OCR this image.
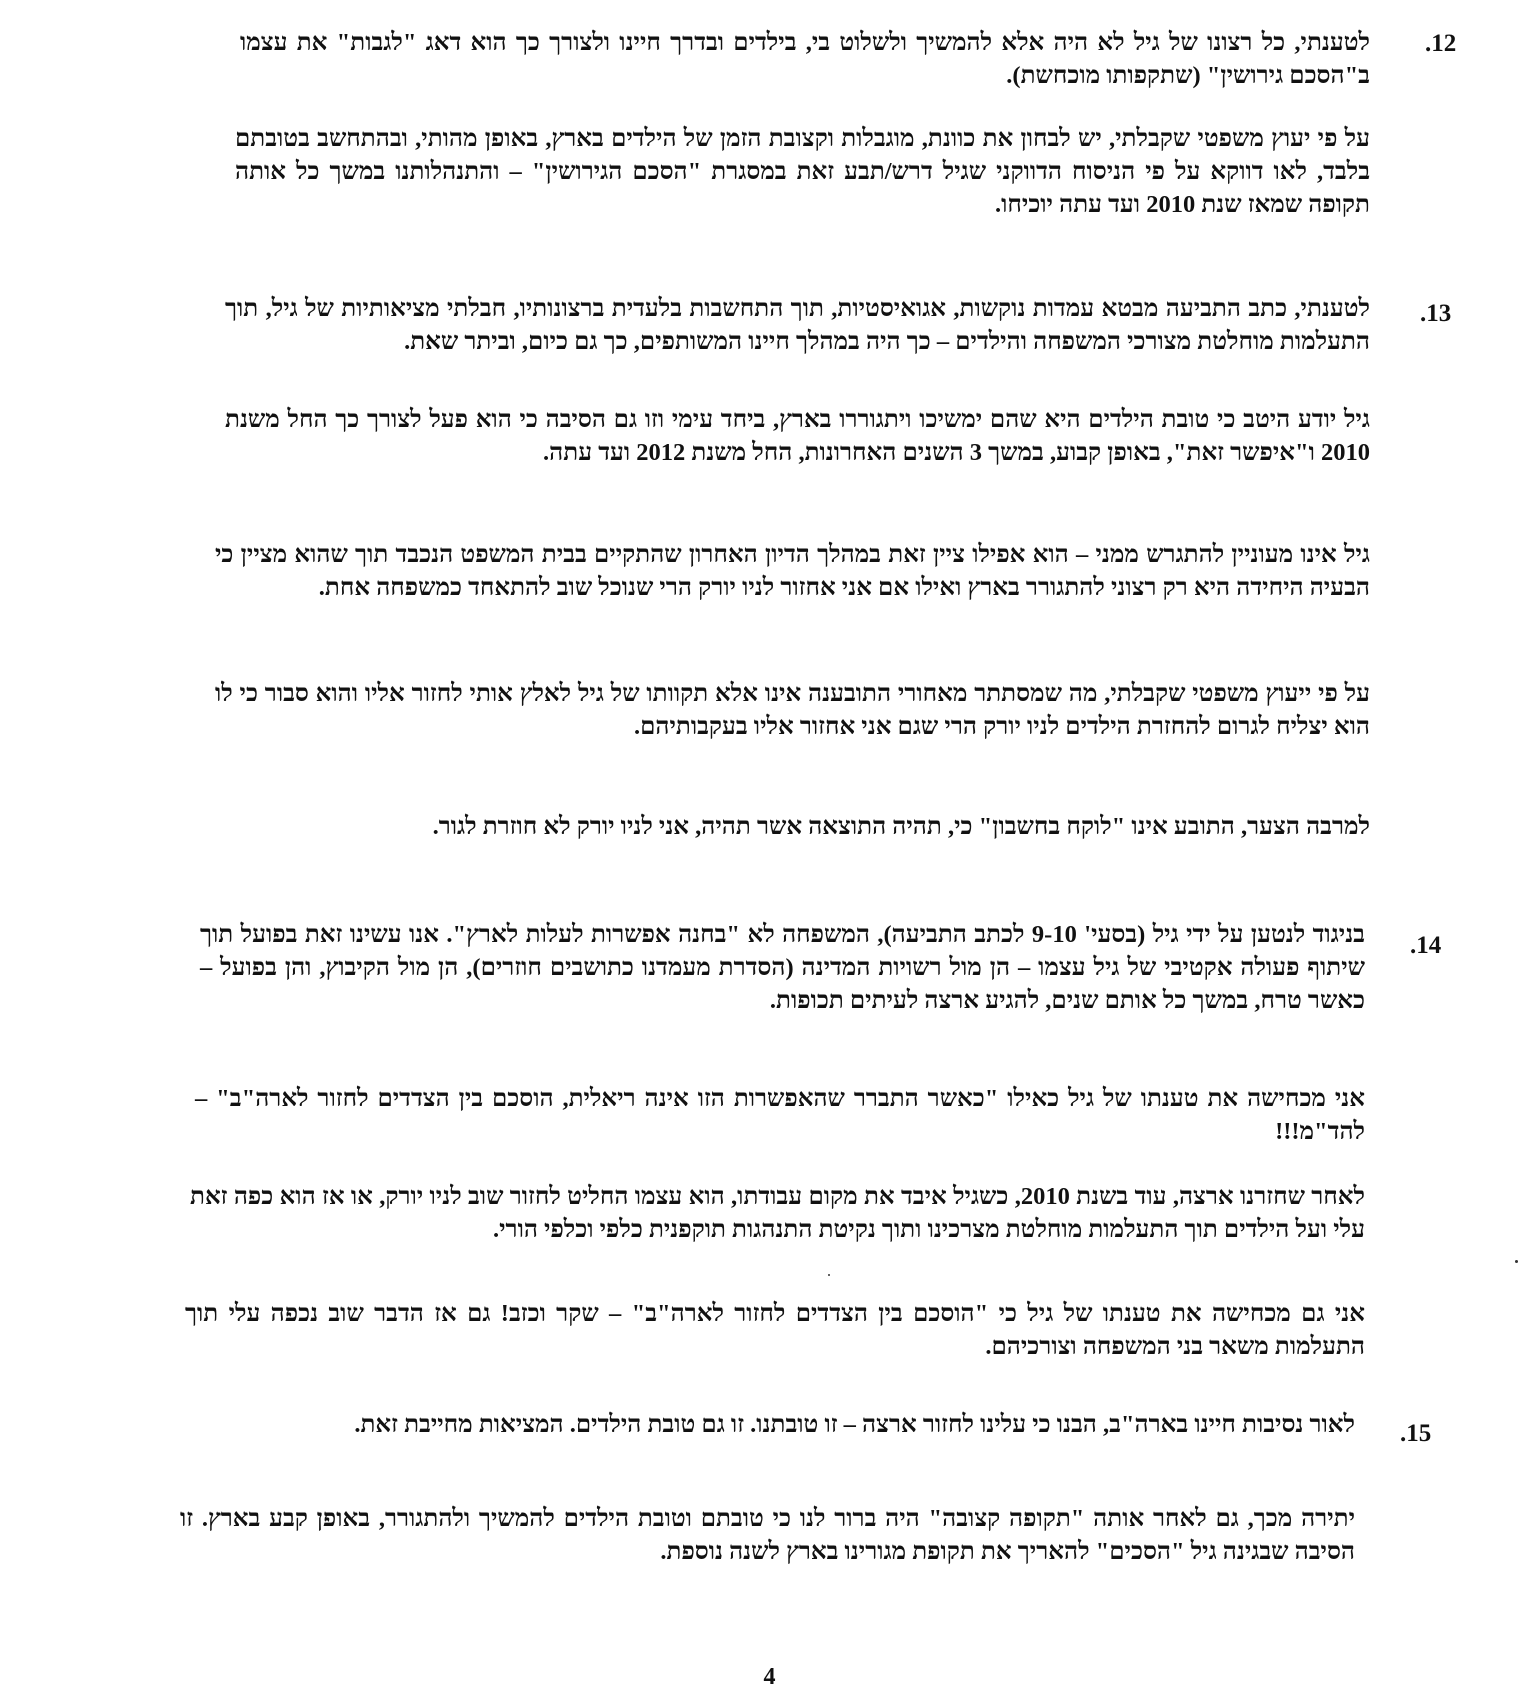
.12
לטענתי, כל רצונו של גיל לא היה אלא להמשיך ולשלוט בי, בילדים ובדרך חיינו ולצורך כך הוא דאג "לגבות" את עצמו ב"הסכם גירושין" (שתקפותו מוכחשת).
על פי יעוץ משפטי שקבלתי, יש לבחון את כוונת, מוגבלות וקצובת הזמן של הילדים בארץ, באופן מהותי, ובהתחשב בטובתם בלבד, לאו דווקא על פי הניסוח הדווקני שגיל דרש/תבע זאת במסגרת "הסכם הגירושין" – והתנהלותנו במשך כל אותה תקופה שמאז שנת 2010 ועד עתה יוכיחו.
.13
לטענתי, כתב התביעה מבטא עמדות נוקשות, אגואיסטיות, תוך התחשבות בלעדית ברצונותיו, חבלתי מציאותיות של גיל, תוך התעלמות מוחלטת מצורכי המשפחה והילדים – כך היה במהלך חיינו המשותפים, כך גם כיום, וביתר שאת.
גיל יודע היטב כי טובת הילדים היא שהם ימשיכו ויתגוררו בארץ, ביחד עימי וזו גם הסיבה כי הוא פעל לצורך כך החל משנת 2010 ו"איפשר זאת", באופן קבוע, במשך 3 השנים האחרונות, החל משנת 2012 ועד עתה.
גיל אינו מעוניין להתגרש ממני – הוא אפילו ציין זאת במהלך הדיון האחרון שהתקיים בבית המשפט הנכבד תוך שהוא מציין כי הבעיה היחידה היא רק רצוני להתגורר בארץ ואילו אם אני אחזור לניו יורק הרי שנוכל שוב להתאחד כמשפחה אחת.
על פי ייעוץ משפטי שקבלתי, מה שמסתתר מאחורי התובענה אינו אלא תקוותו של גיל לאלץ אותי לחזור אליו והוא סבור כי לו הוא יצליח לגרום להחזרת הילדים לניו יורק הרי שגם אני אחזור אליו בעקבותיהם.
למרבה הצער, התובע אינו "לוקח בחשבון" כי, תהיה התוצאה אשר תהיה, אני לניו יורק לא חוזרת לגור.
.14
בניגוד לנטען על ידי גיל (בסעי' 9-10 לכתב התביעה), המשפחה לא "בחנה אפשרות לעלות לארץ". אנו עשינו זאת בפועל תוך שיתוף פעולה אקטיבי של גיל עצמו – הן מול רשויות המדינה (הסדרת מעמדנו כתושבים חוזרים), הן מול הקיבוץ, והן בפועל – כאשר טרח, במשך כל אותם שנים, להגיע ארצה לעיתים תכופות.
אני מכחישה את טענתו של גיל כאילו "כאשר התברר שהאפשרות הזו אינה ריאלית, הוסכם בין הצדדים לחזור לארה"ב" – להד"מ!!!
לאחר שחזרנו ארצה, עוד בשנת 2010, כשגיל איבד את מקום עבודתו, הוא עצמו החליט לחזור שוב לניו יורק, או אז הוא כפה זאת עלי ועל הילדים תוך התעלמות מוחלטת מצרכינו ותוך נקיטת התנהגות תוקפנית כלפי וכלפי הורי.
אני גם מכחישה את טענתו של גיל כי "הוסכם בין הצדדים לחזור לארה"ב" – שקר וכזב! גם אז הדבר שוב נכפה עלי תוך התעלמות משאר בני המשפחה וצורכיהם.
.15
לאור נסיבות חיינו בארה"ב, הבנו כי עלינו לחזור ארצה – זו טובתנו. זו גם טובת הילדים. המציאות מחייבת זאת.
יתירה מכך, גם לאחר אותה "תקופה קצובה" היה ברור לנו כי טובתם וטובת הילדים להמשיך ולהתגורר, באופן קבע בארץ. זו הסיבה שבגינה גיל "הסכים" להאריך את תקופת מגורינו בארץ לשנה נוספת.
4
